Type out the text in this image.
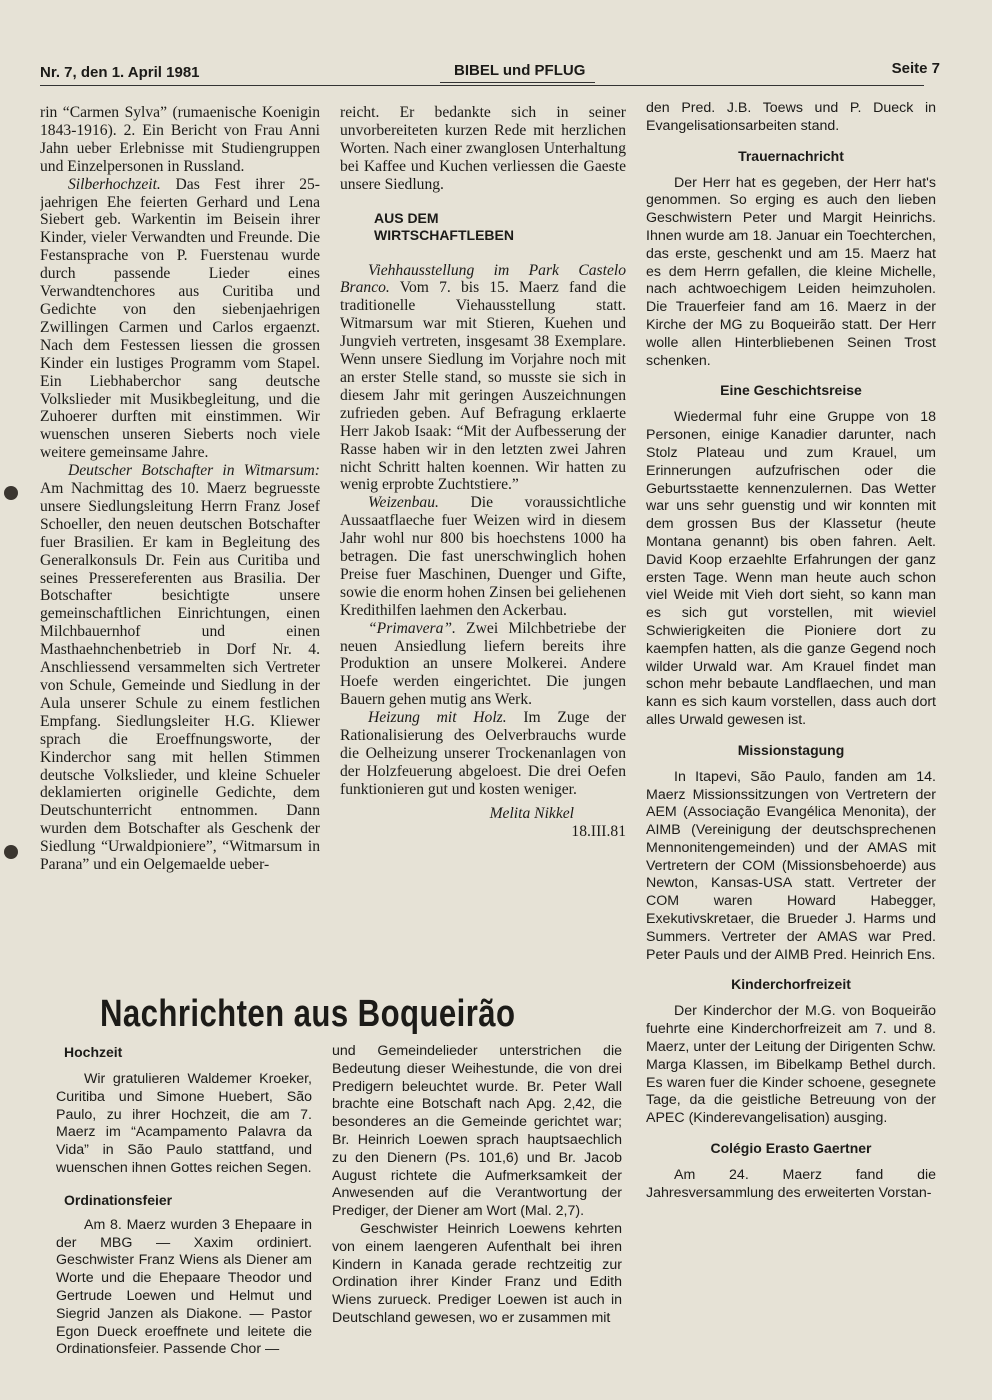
Nr. 7, den 1. April 1981	BIBEL und PFLUG	Seite 7

rin “Carmen Sylva” (rumaenische Koenigin 1843-1916). 2. Ein Bericht von Frau Anni Jahn ueber Erlebnisse mit Studiengruppen und Einzelpersonen in Russland.

Silberhochzeit. Das Fest ihrer 25-jaehrigen Ehe feierten Gerhard und Lena Siebert geb. Warkentin im Beisein ihrer Kinder, vieler Verwandten und Freunde. Die Festansprache von P. Fuerstenau wurde durch passende Lieder eines Verwandtenchores aus Curitiba und Gedichte von den siebenjaehrigen Zwillingen Carmen und Carlos ergaenzt. Nach dem Festessen liessen die grossen Kinder ein lustiges Programm vom Stapel. Ein Liebhaberchor sang deutsche Volkslieder mit Musikbegleitung, und die Zuhoerer durften mit einstimmen. Wir wuenschen unseren Sieberts noch viele weitere gemeinsame Jahre.

Deutscher Botschafter in Witmarsum: Am Nachmittag des 10. Maerz begruesste unsere Siedlungsleitung Herrn Franz Josef Schoeller, den neuen deutschen Botschafter fuer Brasilien. Er kam in Begleitung des Generalkonsuls Dr. Fein aus Curitiba und seines Pressereferenten aus Brasilia. Der Botschafter besichtigte unsere gemeinschaftlichen Einrichtungen, einen Milchbauernhof und einen Masthaehnchenbetrieb in Dorf Nr. 4. Anschliessend versammelten sich Vertreter von Schule, Gemeinde und Siedlung in der Aula unserer Schule zu einem festlichen Empfang. Siedlungsleiter H.G. Kliewer sprach die Eroeffnungsworte, der Kinderchor sang mit hellen Stimmen deutsche Volkslieder, und kleine Schueler deklamierten originelle Gedichte, dem Deutschunterricht entnommen. Dann wurden dem Botschafter als Geschenk der Siedlung “Urwaldpioniere”, “Witmarsum in Parana” und ein Oelgemaelde ueber-

reicht. Er bedankte sich in seiner unvorbereiteten kurzen Rede mit herzlichen Worten. Nach einer zwanglosen Unterhaltung bei Kaffee und Kuchen verliessen die Gaeste unsere Siedlung.

AUS DEM
WIRTSCHAFTLEBEN

Viehhausstellung im Park Castelo Branco. Vom 7. bis 15. Maerz fand die traditionelle Viehausstellung statt. Witmarsum war mit Stieren, Kuehen und Jungvieh vertreten, insgesamt 38 Exemplare. Wenn unsere Siedlung im Vorjahre noch mit an erster Stelle stand, so musste sie sich in diesem Jahr mit geringen Auszeichnungen zufrieden geben. Auf Befragung erklaerte Herr Jakob Isaak: “Mit der Aufbesserung der Rasse haben wir in den letzten zwei Jahren nicht Schritt halten koennen. Wir hatten zu wenig erprobte Zuchtstiere.”

Weizenbau. Die voraussichtliche Aussaatflaeche fuer Weizen wird in diesem Jahr wohl nur 800 bis hoechstens 1000 ha betragen. Die fast unerschwinglich hohen Preise fuer Maschinen, Duenger und Gifte, sowie die enorm hohen Zinsen bei geliehenen Kredithilfen laehmen den Ackerbau.

“Primavera”. Zwei Milchbetriebe der neuen Ansiedlung liefern bereits ihre Produktion an unsere Molkerei. Andere Hoefe werden eingerichtet. Die jungen Bauern gehen mutig ans Werk.

Heizung mit Holz. Im Zuge der Rationalisierung des Oelverbrauchs wurde die Oelheizung unserer Trockenanlagen von der Holzfeuerung abgeloest. Die drei Oefen funktionieren gut und kosten weniger.

Melita Nikkel
18.III.81

den Pred. J.B. Toews und P. Dueck in Evangelisationsarbeiten stand.

Trauernachricht

Der Herr hat es gegeben, der Herr hat's genommen. So erging es auch den lieben Geschwistern Peter und Margit Heinrichs. Ihnen wurde am 18. Januar ein Toechterchen, das erste, geschenkt und am 15. Maerz hat es dem Herrn gefallen, die kleine Michelle, nach achtwoechigem Leiden heimzuholen. Die Trauerfeier fand am 16. Maerz in der Kirche der MG zu Boqueirão statt. Der Herr wolle allen Hinterbliebenen Seinen Trost schenken.

Eine Geschichtsreise

Wiedermal fuhr eine Gruppe von 18 Personen, einige Kanadier darunter, nach Stolz Plateau und zum Krauel, um Erinnerungen aufzufrischen oder die Geburtsstaette kennenzulernen. Das Wetter war uns sehr guenstig und wir konnten mit dem grossen Bus der Klassetur (heute Montana genannt) bis oben fahren. Aelt. David Koop erzaehlte Erfahrungen der ganz ersten Tage. Wenn man heute auch schon viel Weide mit Vieh dort sieht, so kann man es sich gut vorstellen, mit wieviel Schwierigkeiten die Pioniere dort zu kaempfen hatten, als die ganze Gegend noch wilder Urwald war. Am Krauel findet man schon mehr bebaute Landflaechen, und man kann es sich kaum vorstellen, dass auch dort alles Urwald gewesen ist.

Missionstagung

In Itapevi, São Paulo, fanden am 14. Maerz Missionssitzungen von Vertretern der AEM (Associação Evangélica Menonita), der AIMB (Vereinigung der deutschsprechenen Mennonitengemeinden) und der AMAS mit Vertretern der COM (Missionsbehoerde) aus Newton, Kansas-USA statt. Vertreter der COM waren Howard Habegger, Exekutivskretaer, die Brueder J. Harms und Summers. Vertreter der AMAS war Pred. Peter Pauls und der AIMB Pred. Heinrich Ens.

Kinderchorfreizeit

Der Kinderchor der M.G. von Boqueirão fuehrte eine Kinderchorfreizeit am 7. und 8. Maerz, unter der Leitung der Dirigenten Schw. Marga Klassen, im Bibelkamp Bethel durch. Es waren fuer die Kinder schoene, gesegnete Tage, da die geistliche Betreuung von der APEC (Kinderevangelisation) ausging.

Colégio Erasto Gaertner

Am 24. Maerz fand die Jahresversammlung des erweiterten Vorstan-

Nachrichten aus Boqueirão
Hochzeit

Wir gratulieren Waldemer Kroeker, Curitiba und Simone Huebert, São Paulo, zu ihrer Hochzeit, die am 7. Maerz im “Acampamento Palavra da Vida” in São Paulo stattfand, und wuenschen ihnen Gottes reichen Segen.

Ordinationsfeier

Am 8. Maerz wurden 3 Ehepaare in der MBG — Xaxim ordiniert. Geschwister Franz Wiens als Diener am Worte und die Ehepaare Theodor und Gertrude Loewen und Helmut und Siegrid Janzen als Diakone. — Pastor Egon Dueck eroeffnete und leitete die Ordinationsfeier. Passende Chor —

und Gemeindelieder unterstrichen die Bedeutung dieser Weihestunde, die von drei Predigern beleuchtet wurde. Br. Peter Wall brachte eine Botschaft nach Apg. 2,42, die besonderes an die Gemeinde gerichtet war; Br. Heinrich Loewen sprach hauptsaechlich zu den Dienern (Ps. 101,6) und Br. Jacob August richtete die Aufmerksamkeit der Anwesenden auf die Verantwortung der Prediger, der Diener am Wort (Mal. 2,7).

Geschwister Heinrich Loewens kehrten von einem laengeren Aufenthalt bei ihren Kindern in Kanada gerade rechtzeitig zur Ordination ihrer Kinder Franz und Edith Wiens zurueck. Prediger Loewen ist auch in Deutschland gewesen, wo er zusammen mit
